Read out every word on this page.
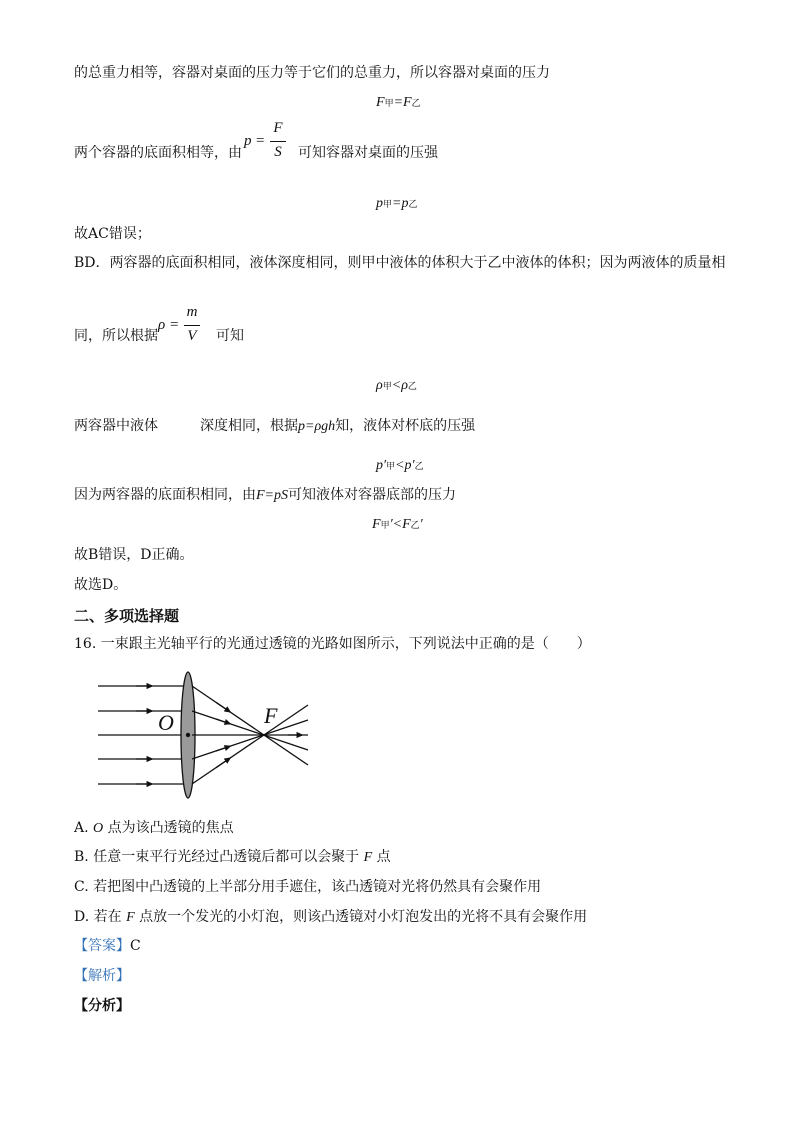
的总重力相等，容器对桌面的压力等于它们的总重力，所以容器对桌面的压力
F甲=F乙
两个容器的底面积相等，由	可知容器对桌面的压强
p =
F
S
p甲=p乙
故AC错误；
BD．两容器的底面积相同，液体深度相同，则甲中液体的体积大于乙中液体的体积；因为两液体的质量相
同，所以根据	可知
ρ =
m
V
ρ甲<ρ乙
两容器中液体	深度相同，根据p=ρgh知，液体对杯底的压强
p′甲<p′乙
因为两容器的底面积相同，由F=pS可知液体对容器底部的压力
F甲′<F乙′
故B错误，D正确。
故选D。
二、多项选择题
16. 一束跟主光轴平行的光通过透镜的光路如图所示，下列说法中正确的是（　　）
O	F
A. O 点为该凸透镜的焦点
B. 任意一束平行光经过凸透镜后都可以会聚于 F 点
C. 若把图中凸透镜的上半部分用手遮住，该凸透镜对光将仍然具有会聚作用
D. 若在 F 点放一个发光的小灯泡，则该凸透镜对小灯泡发出的光将不具有会聚作用
【答案】C
【解析】
【分析】
